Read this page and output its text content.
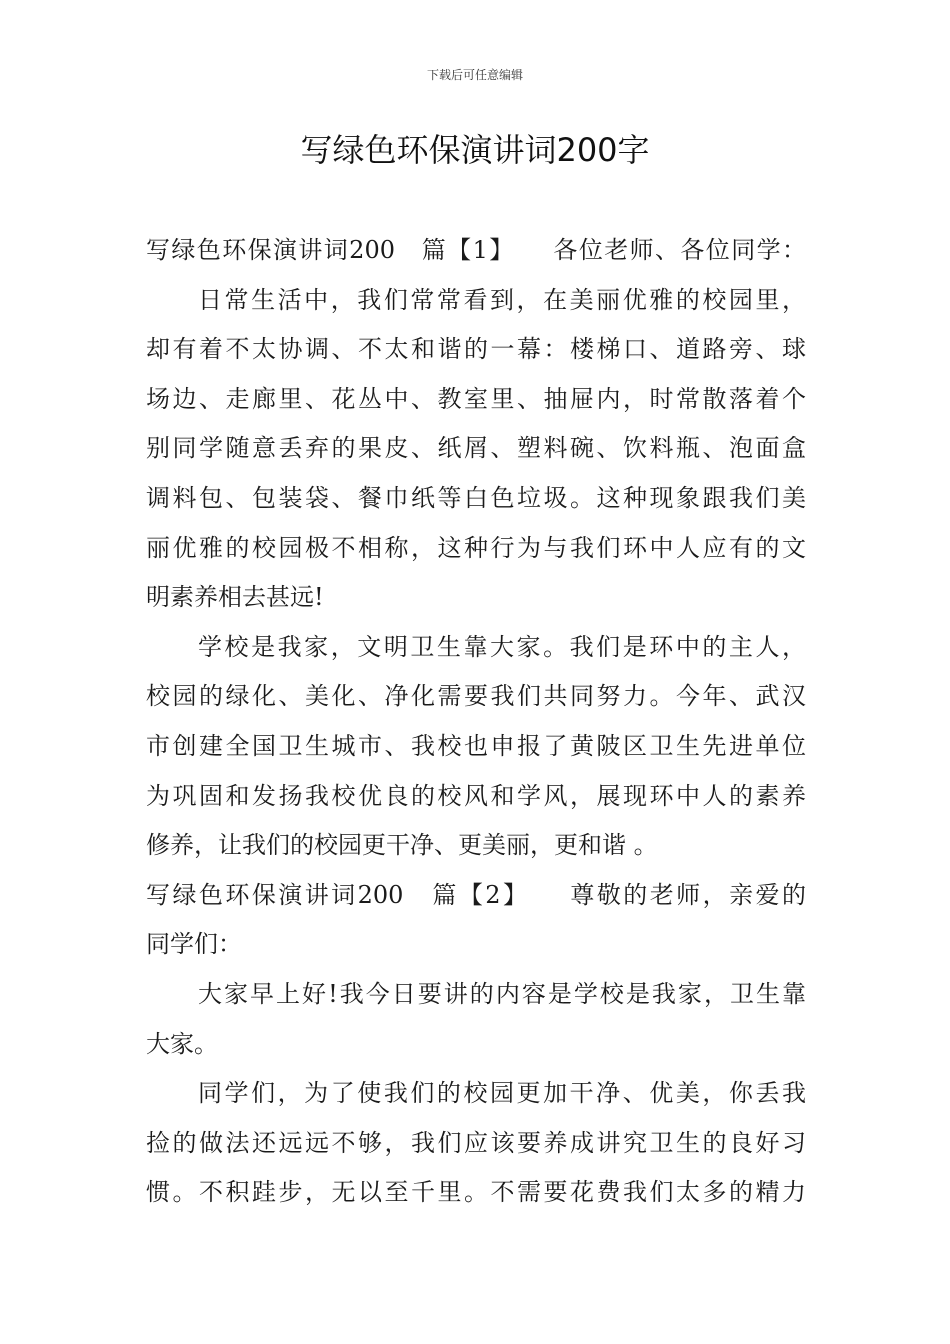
下载后可任意编辑
写绿色环保演讲词200字
写绿色环保演讲词200　篇【1】　　各位老师、各位同学：
日常生活中，我们常常看到，在美丽优雅的校园里，
却有着不太协调、不太和谐的一幕：楼梯口、道路旁、球
场边、走廊里、花丛中、教室里、抽屉内，时常散落着个
别同学随意丢弃的果皮、纸屑、塑料碗、饮料瓶、泡面盒
调料包、包装袋、餐巾纸等白色垃圾。这种现象跟我们美
丽优雅的校园极不相称，这种行为与我们环中人应有的文
明素养相去甚远!
学校是我家，文明卫生靠大家。我们是环中的主人，
校园的绿化、美化、净化需要我们共同努力。今年、武汉
市创建全国卫生城市、我校也申报了黄陂区卫生先进单位
为巩固和发扬我校优良的校风和学风，展现环中人的素养
修养，让我们的校园更干净、更美丽，更和谐 。
写绿色环保演讲词200　篇【2】　　尊敬的老师，亲爱的
同学们：
大家早上好!我今日要讲的内容是学校是我家，卫生靠
大家。
同学们，为了使我们的校园更加干净、优美，你丢我
捡的做法还远远不够，我们应该要养成讲究卫生的良好习
惯。不积跬步，无以至千里。不需要花费我们太多的精力
